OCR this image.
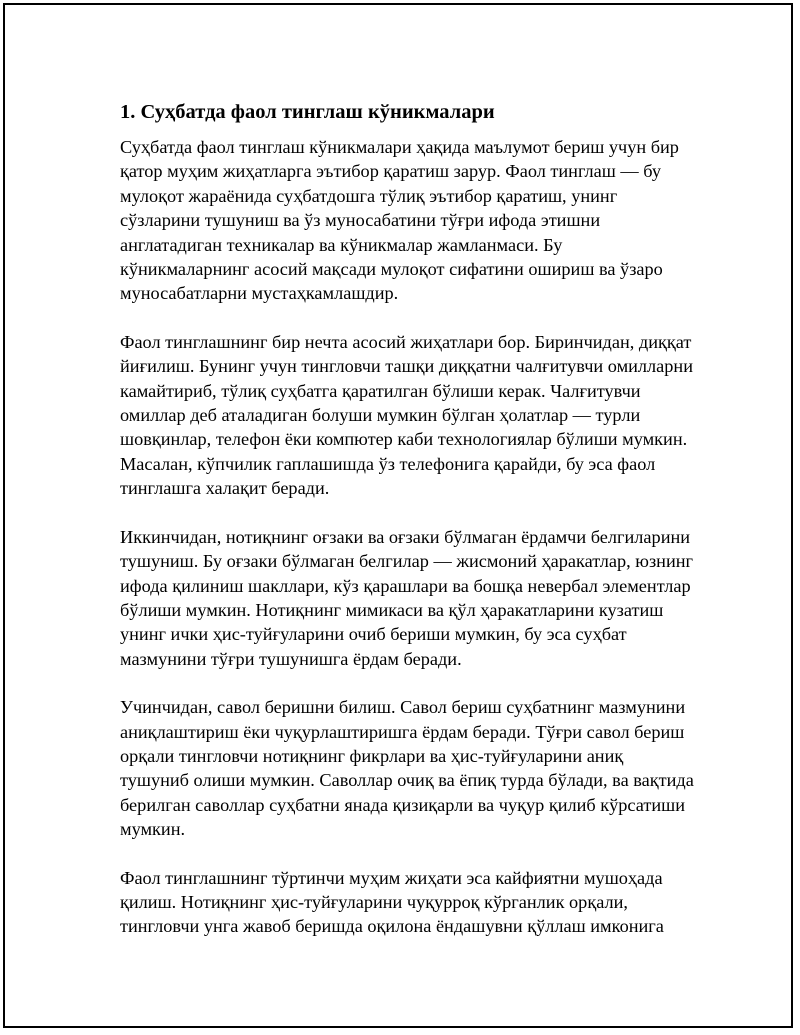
1. Суҳбатда фаол тинглаш кўникмалари

Суҳбатда фаол тинглаш кўникмалари ҳақида маълумот бериш учун бир қатор муҳим жиҳатларга эътибор қаратиш зарур. Фаол тинглаш — бу мулоқот жараёнида суҳбатдошга тўлиқ эътибор қаратиш, унинг сўзларини тушуниш ва ўз муносабатини тўғри ифода этишни англатадиган техникалар ва кўникмалар жамланмаси. Бу кўникмаларнинг асосий мақсади мулоқот сифатини ошириш ва ўзаро муносабатларни мустаҳкамлашдир.

Фаол тинглашнинг бир нечта асосий жиҳатлари бор. Биринчидан, диққат йиғилиш. Бунинг учун тингловчи ташқи диққатни чалғитувчи омилларни камайтириб, тўлиқ суҳбатга қаратилган бўлиши керак. Чалғитувчи омиллар деб аталадиган болуши мумкин бўлган ҳолатлар — турли шовқинлар, телефон ёки компютер каби технологиялар бўлиши мумкин. Масалан, кўпчилик гаплашишда ўз телефонига қарайди, бу эса фаол тинглашга халақит беради.

Иккинчидан, нотиқнинг оғзаки ва оғзаки бўлмаган ёрдамчи белгиларини тушуниш. Бу оғзаки бўлмаган белгилар — жисмоний ҳаракатлар, юзнинг ифода қилиниш шакллари, кўз қарашлари ва бошқа невербал элементлар бўлиши мумкин. Нотиқнинг мимикаси ва қўл ҳаракатларини кузатиш унинг ички ҳис-туйғуларини очиб бериши мумкин, бу эса суҳбат мазмунини тўғри тушунишга ёрдам беради.

Учинчидан, савол беришни билиш. Савол бериш суҳбатнинг мазмунини аниқлаштириш ёки чуқурлаштиришга ёрдам беради. Тўғри савол бериш орқали тингловчи нотиқнинг фикрлари ва ҳис-туйғуларини аниқ тушуниб олиши мумкин. Саволлар очиқ ва ёпиқ турда бўлади, ва вақтида берилган саволлар суҳбатни янада қизиқарли ва чуқур қилиб кўрсатиши мумкин.

Фаол тинглашнинг тўртинчи муҳим жиҳати эса кайфиятни мушоҳада қилиш. Нотиқнинг ҳис-туйғуларини чуқурроқ кўрганлик орқали, тингловчи унга жавоб беришда оқилона ёндашувни қўллаш имконига
